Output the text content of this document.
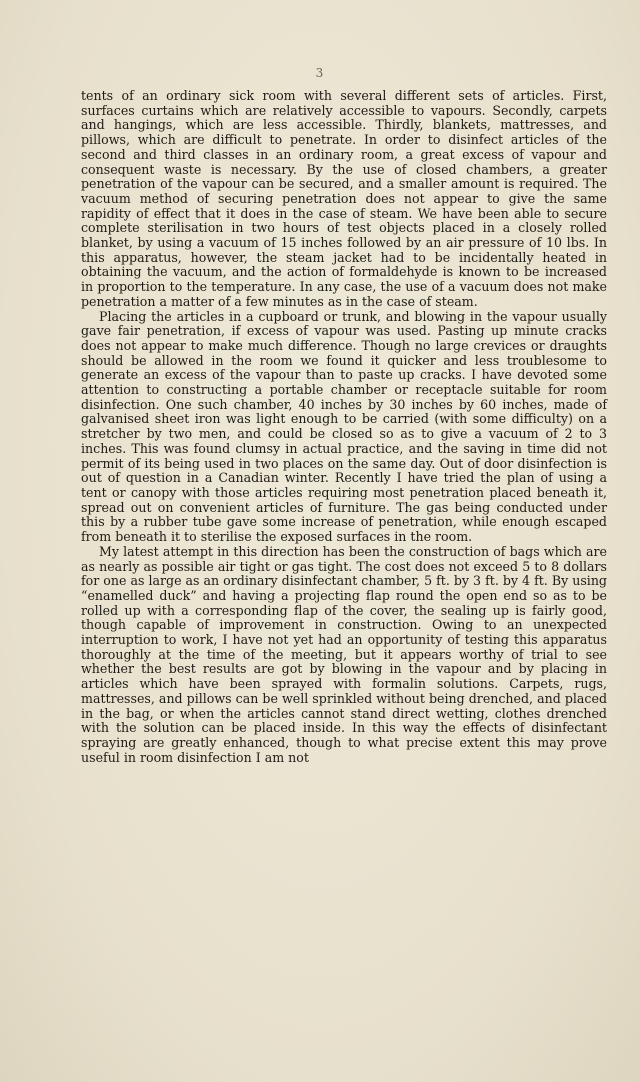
3

tents of an ordinary sick room with several different sets of articles. First, surfaces curtains which are relatively accessible to vapours. Secondly, carpets and hangings, which are less accessible. Thirdly, blankets, mattresses, and pillows, which are difficult to penetrate. In order to disinfect articles of the second and third classes in an ordinary room, a great excess of vapour and consequent waste is necessary. By the use of closed chambers, a greater penetration of the vapour can be secured, and a smaller amount is required. The vacuum method of securing penetration does not appear to give the same rapidity of effect that it does in the case of steam. We have been able to secure complete sterilisation in two hours of test objects placed in a closely rolled blanket, by using a vacuum of 15 inches followed by an air pressure of 10 lbs. In this apparatus, however, the steam jacket had to be incidentally heated in obtaining the vacuum, and the action of formaldehyde is known to be increased in proportion to the temperature. In any case, the use of a vacuum does not make penetration a matter of a few minutes as in the case of steam.

Placing the articles in a cupboard or trunk, and blowing in the vapour usually gave fair penetration, if excess of vapour was used. Pasting up minute cracks does not appear to make much difference. Though no large crevices or draughts should be allowed in the room we found it quicker and less troublesome to generate an excess of the vapour than to paste up cracks. I have devoted some attention to constructing a portable chamber or receptacle suitable for room disinfection. One such chamber, 40 inches by 30 inches by 60 inches, made of galvanised sheet iron was light enough to be carried (with some difficulty) on a stretcher by two men, and could be closed so as to give a vacuum of 2 to 3 inches. This was found clumsy in actual practice, and the saving in time did not permit of its being used in two places on the same day. Out of door disinfection is out of question in a Canadian winter. Recently I have tried the plan of using a tent or canopy with those articles requiring most penetration placed beneath it, spread out on convenient articles of furniture. The gas being conducted under this by a rubber tube gave some increase of penetration, while enough escaped from beneath it to sterilise the exposed surfaces in the room.

My latest attempt in this direction has been the construction of bags which are as nearly as possible air tight or gas tight. The cost does not exceed 5 to 8 dollars for one as large as an ordinary disinfectant chamber, 5 ft. by 3 ft. by 4 ft. By using “enamelled duck” and having a projecting flap round the open end so as to be rolled up with a corresponding flap of the cover, the sealing up is fairly good, though capable of improvement in construction. Owing to an unexpected interruption to work, I have not yet had an opportunity of testing this apparatus thoroughly at the time of the meeting, but it appears worthy of trial to see whether the best results are got by blowing in the vapour and by placing in articles which have been sprayed with formalin solutions. Carpets, rugs, mattresses, and pillows can be well sprinkled without being drenched, and placed in the bag, or when the articles cannot stand direct wetting, clothes drenched with the solution can be placed inside. In this way the effects of disinfectant spraying are greatly enhanced, though to what precise extent this may prove useful in room disinfection I am not
